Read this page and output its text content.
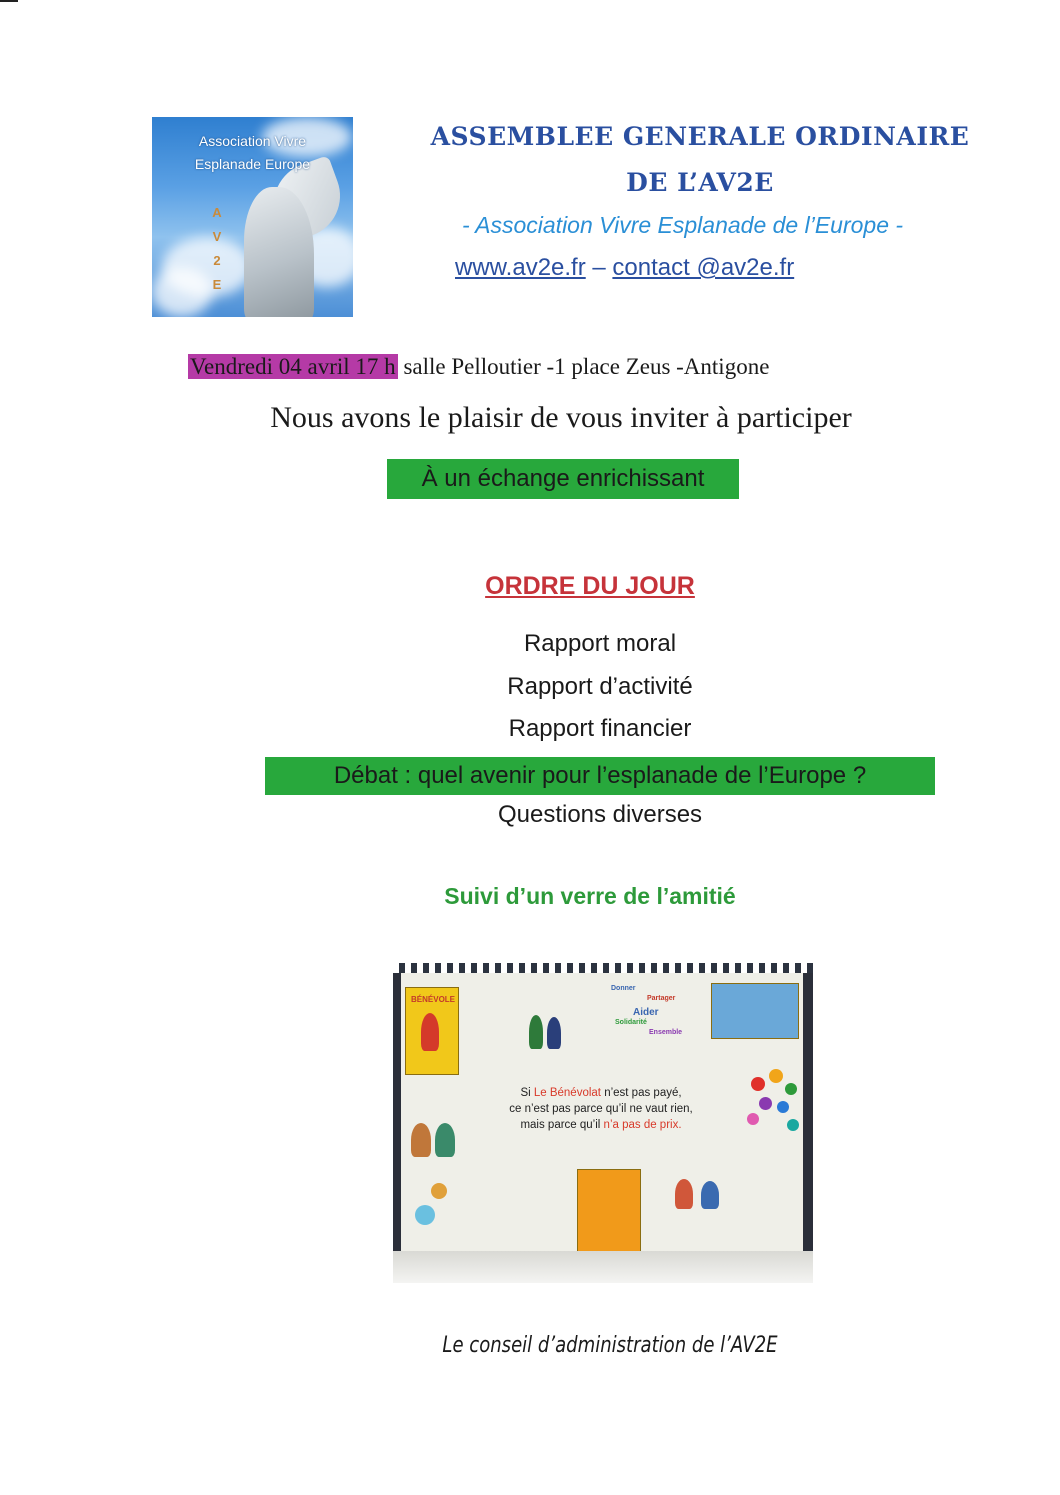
Association Vivre
Esplanade Europe
A
V
2
E
ASSEMBLEE GENERALE ORDINAIRE
DE L’AV2E
- Association Vivre Esplanade de l’Europe -
www.av2e.fr – contact @av2e.fr
Vendredi 04 avril 17 h salle Pelloutier -1 place Zeus -Antigone
Nous avons le plaisir de vous inviter à participer
À un échange enrichissant
ORDRE DU JOUR
Rapport moral
Rapport d’activité
Rapport financier
Débat : quel avenir pour l’esplanade de l’Europe ?
Questions diverses
Suivi d’un verre de l’amitié
BÉNÉVOLE
Donner
Partager
Aider
Solidarité
Ensemble
Si Le Bénévolat n’est pas payé,
ce n’est pas parce qu’il ne vaut rien,
mais parce qu’il n’a pas de prix.
Le conseil d’administration de l’AV2E
